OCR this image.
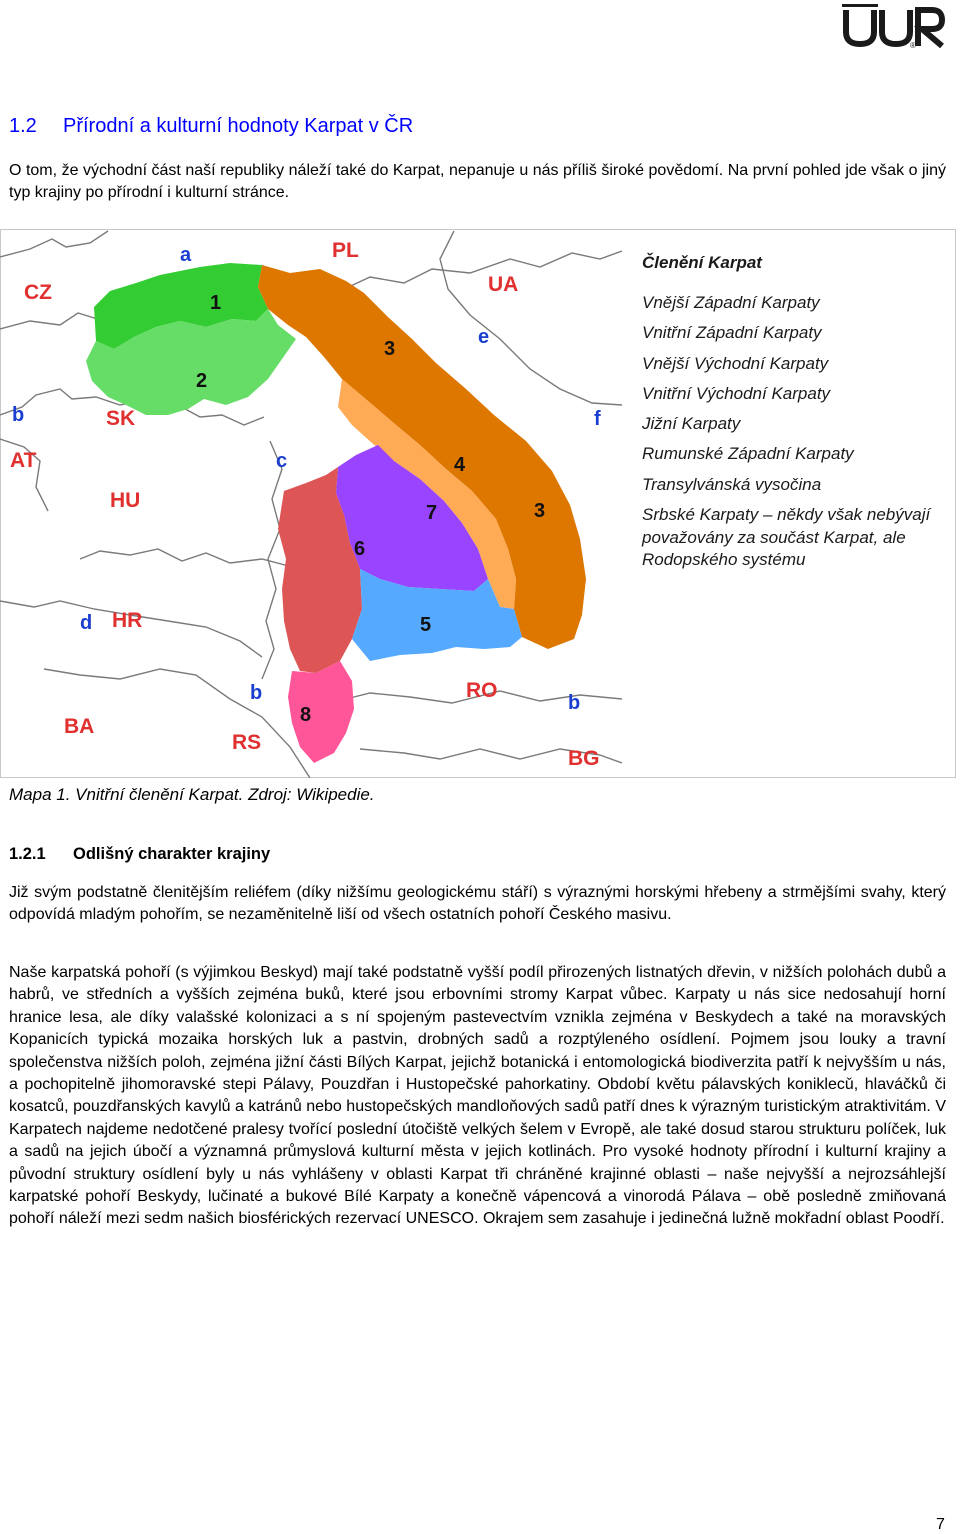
®
1.2 Přírodní a kulturní hodnoty Karpat v ČR

O tom, že východní část naší republiky náleží také do Karpat, nepanuje u nás příliš široké povědomí. Na první pohled jde však o jiný typ krajiny po přírodní i kulturní stránce.

CZ
PL
UA
SK
AT
HU
HR
RO
BA
RS
BG
a
b
c
d
e
f
b	b
1
2
3
3
4
5
6
7
8

Členění Karpat

Vnější Západní Karpaty

Vnitřní Západní Karpaty

Vnější Východní Karpaty

Vnitřní Východní Karpaty

Jižní Karpaty

Rumunské Západní Karpaty

Transylvánská vysočina

Srbské Karpaty – někdy však nebývají považovány za součást Karpat, ale Rodopského systému

Mapa 1. Vnitřní členění Karpat. Zdroj: Wikipedie.

1.2.1 Odlišný charakter krajiny

Již svým podstatně členitějším reliéfem (díky nižšímu geologickému stáří) s výraznými horskými hřebeny a strmějšími svahy, který odpovídá mladým pohořím, se nezaměnitelně liší od všech ostatních pohoří Českého masivu.

Naše karpatská pohoří (s výjimkou Beskyd) mají také podstatně vyšší podíl přirozených listnatých dřevin, v nižších polohách dubů a habrů, ve středních a vyšších zejména buků, které jsou erbovními stromy Karpat vůbec. Karpaty u nás sice nedosahují horní hranice lesa, ale díky valašské kolonizaci a s ní spojeným pastevectvím vznikla zejména v Beskydech a také na moravských Kopanicích typická mozaika horských luk a pastvin, drobných sadů a rozptýleného osídlení. Pojmem jsou louky a travní společenstva nižších poloh, zejména jižní části Bílých Karpat, jejichž botanická i entomologická biodiverzita patří k nejvyšším u nás, a pochopitelně jihomoravské stepi Pálavy, Pouzdřan i Hustopečské pahorkatiny. Období květu pálavských koniklecǔ, hlaváčků či kosatců, pouzdřanských kavylů a katránů nebo hustopečských mandloňových sadů patří dnes k výrazným turistickým atraktivitám. V Karpatech najdeme nedotčené pralesy tvořící poslední útočiště velkých šelem v Evropě, ale také dosud starou strukturu políček, luk a sadů na jejich úbočí a významná průmyslová kulturní města v jejich kotlinách. Pro vysoké hodnoty přírodní i kulturní krajiny a původní struktury osídlení byly u nás vyhlášeny v oblasti Karpat tři chráněné krajinné oblasti – naše nejvyšší a nejrozsáhlejší karpatské pohoří Beskydy, lučinaté a bukové Bílé Karpaty a konečně vápencová a vinorodá Pálava – obě posledně zmiňovaná pohoří náleží mezi sedm našich biosférických rezervací UNESCO. Okrajem sem zasahuje i jedinečná lužně mokřadní oblast Poodří.

7
